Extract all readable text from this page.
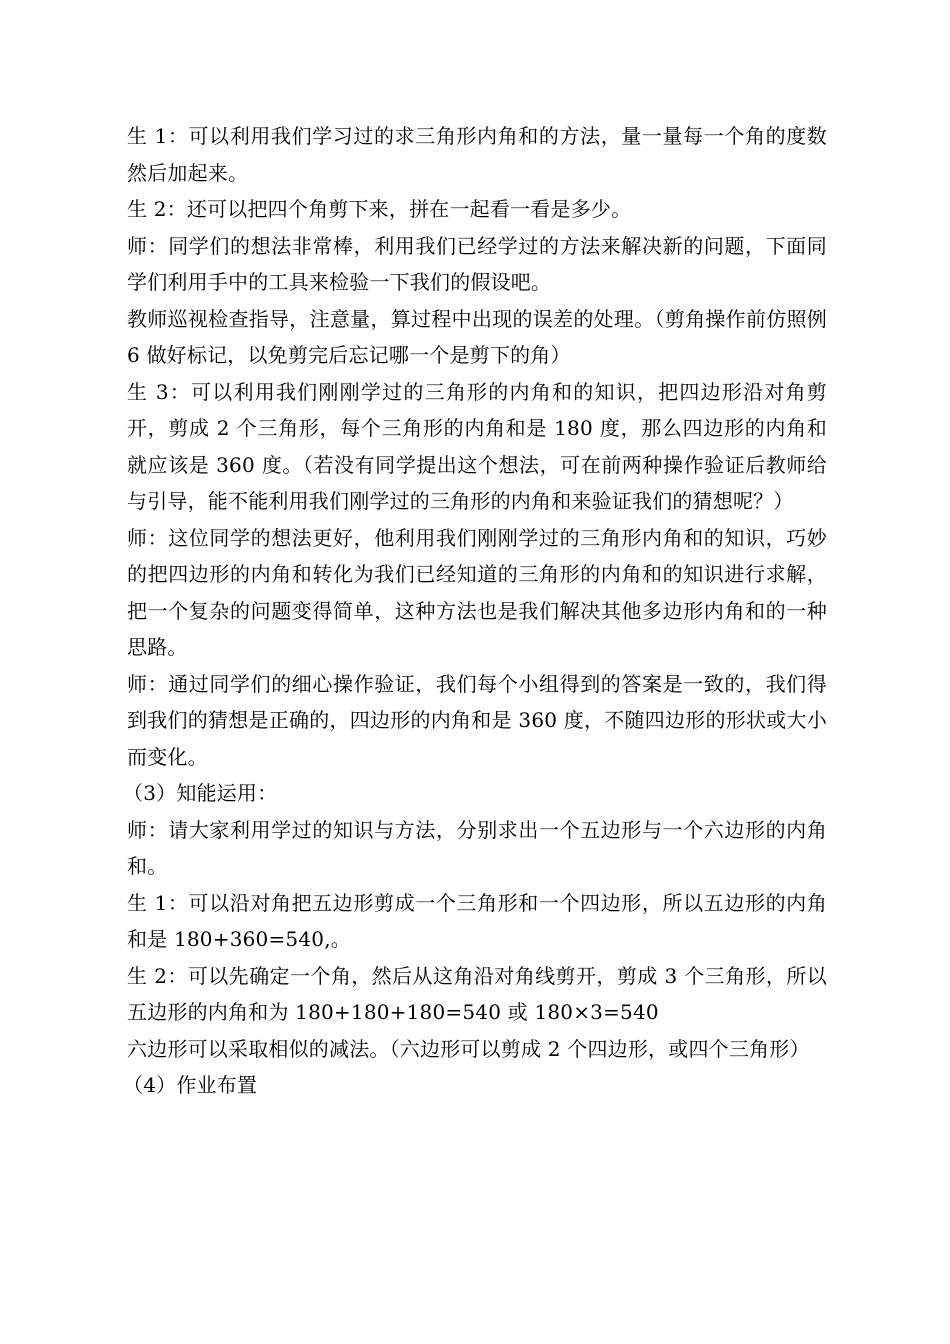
生 1：可以利用我们学习过的求三角形内角和的方法，量一量每一个角的度数然后加起来。

生 2：还可以把四个角剪下来，拼在一起看一看是多少。

师：同学们的想法非常棒，利用我们已经学过的方法来解决新的问题，下面同学们利用手中的工具来检验一下我们的假设吧。

教师巡视检查指导，注意量，算过程中出现的误差的处理。（剪角操作前仿照例 6 做好标记，以免剪完后忘记哪一个是剪下的角）

生 3：可以利用我们刚刚学过的三角形的内角和的知识，把四边形沿对角剪开，剪成 2 个三角形，每个三角形的内角和是 180 度，那么四边形的内角和就应该是 360 度。（若没有同学提出这个想法，可在前两种操作验证后教师给与引导，能不能利用我们刚学过的三角形的内角和来验证我们的猜想呢？）

师：这位同学的想法更好，他利用我们刚刚学过的三角形内角和的知识，巧妙的把四边形的内角和转化为我们已经知道的三角形的内角和的知识进行求解，把一个复杂的问题变得简单，这种方法也是我们解决其他多边形内角和的一种思路。

师：通过同学们的细心操作验证，我们每个小组得到的答案是一致的，我们得到我们的猜想是正确的，四边形的内角和是 360 度，不随四边形的形状或大小而变化。

（3）知能运用：

师：请大家利用学过的知识与方法，分别求出一个五边形与一个六边形的内角和。

生 1：可以沿对角把五边形剪成一个三角形和一个四边形，所以五边形的内角和是 180+360=540,。

生 2：可以先确定一个角，然后从这角沿对角线剪开，剪成 3 个三角形，所以五边形的内角和为 180+180+180=540 或 180×3=540

六边形可以采取相似的减法。（六边形可以剪成 2 个四边形，或四个三角形）

（4）作业布置
